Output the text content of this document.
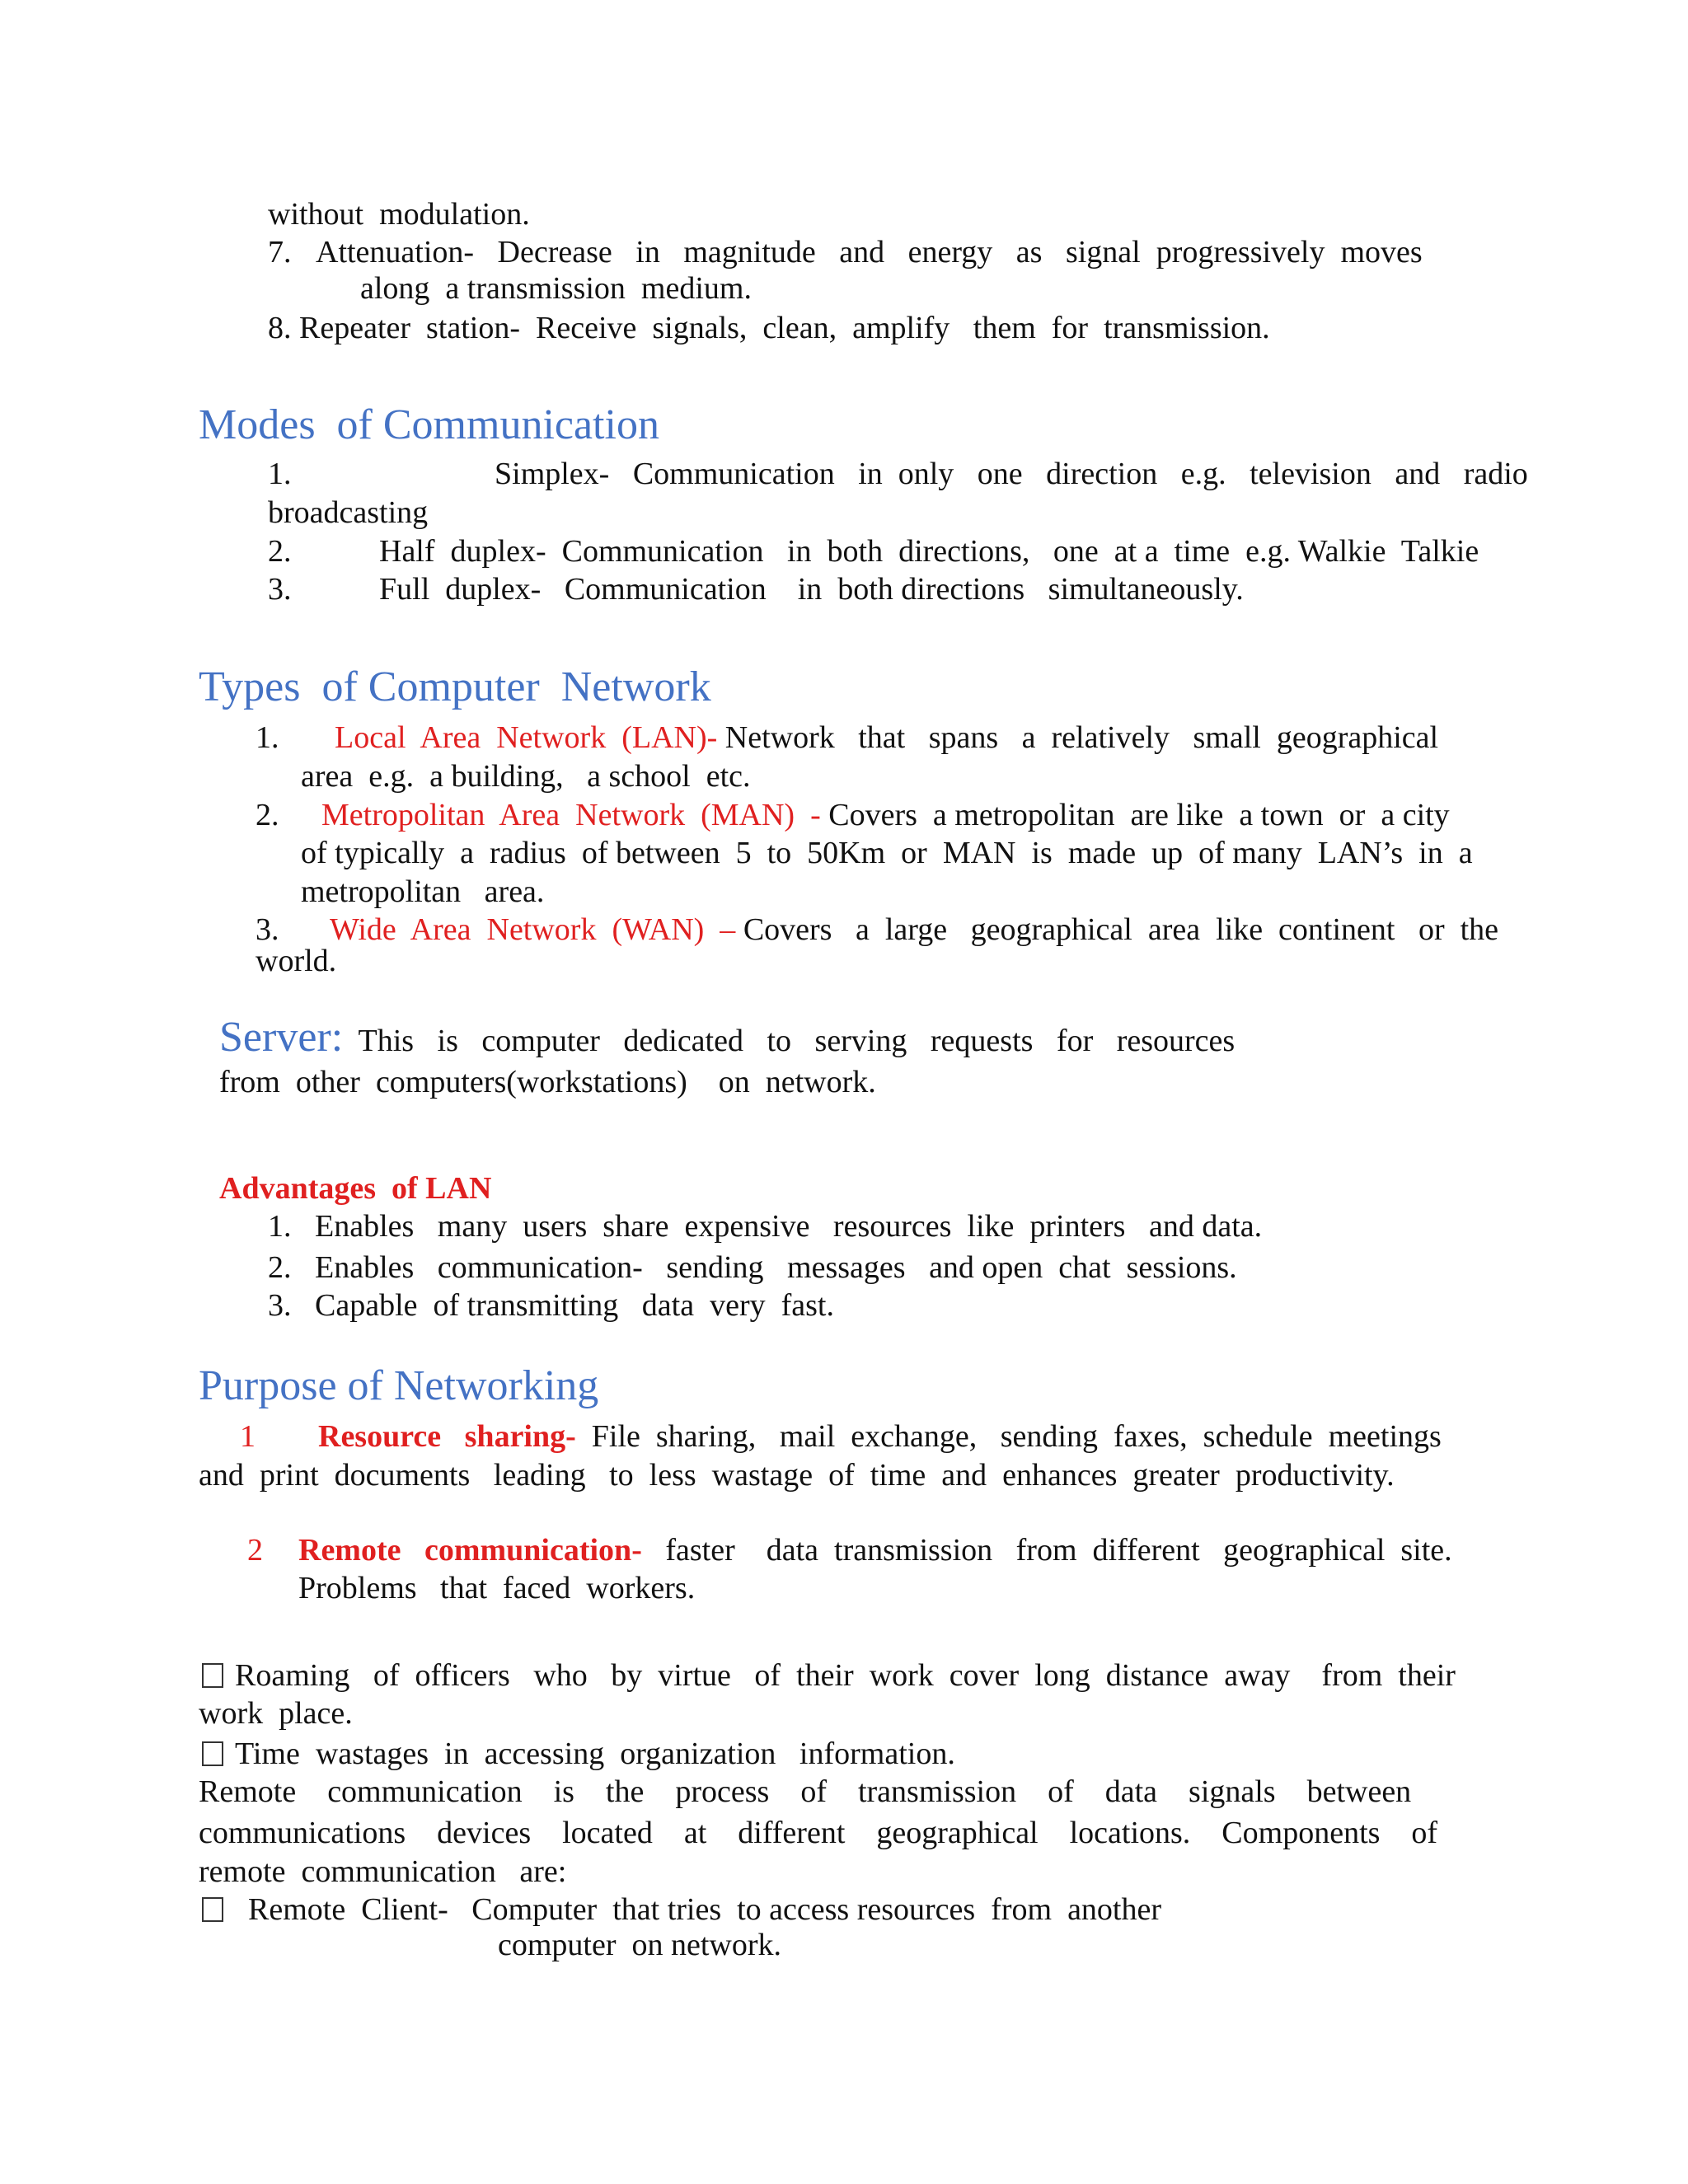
without  modulation.
7. Attenuation-   Decrease   in   magnitude   and   energy   as   signal  progressively  moves
along  a transmission  medium.
8. Repeater  station-  Receive  signals,  clean,  amplify   them  for  transmission.
Modes  of Communication
1.	Simplex-   Communication   in  only   one   direction   e.g.   television   and   radio
broadcasting
2.	Half  duplex-  Communication   in  both  directions,   one  at a  time  e.g. Walkie  Talkie
3.	Full  duplex-   Communication    in  both directions   simultaneously.
Types  of Computer  Network
1. Local  Area  Network  (LAN)- Network   that   spans   a  relatively   small  geographical
area  e.g.  a building,   a school  etc.
2. Metropolitan  Area  Network  (MAN)  - Covers  a metropolitan  are like  a town  or  a city
of typically  a  radius  of between  5  to  50Km  or  MAN  is  made  up  of many  LAN’s  in  a
metropolitan   area.
3. Wide  Area  Network  (WAN)  – Covers   a  large   geographical  area  like  continent   or  the
world.
Server:  This   is   computer   dedicated   to   serving   requests   for   resources
from  other  computers(workstations)    on  network.
Advantages  of LAN
1.   Enables   many  users  share  expensive   resources  like  printers   and data.
2.   Enables   communication-   sending   messages   and open  chat  sessions.
3.   Capable  of transmitting   data  very  fast.
Purpose of Networking
1 Resource   sharing-  File  sharing,   mail  exchange,   sending  faxes,  schedule  meetings
and  print  documents   leading   to  less  wastage  of  time  and  enhances  greater  productivity.
2 Remote   communication-   faster    data  transmission   from  different   geographical  site.
Problems   that  faced  workers.
Roaming   of  officers   who   by  virtue   of  their  work  cover  long  distance  away    from  their
work  place.
Time  wastages  in  accessing  organization   information.
Remote    communication    is    the    process    of    transmission    of    data    signals    between
communications    devices    located    at    different    geographical    locations.    Components    of
remote  communication   are:
Remote  Client-   Computer  that tries  to access resources  from  another
computer  on network.
